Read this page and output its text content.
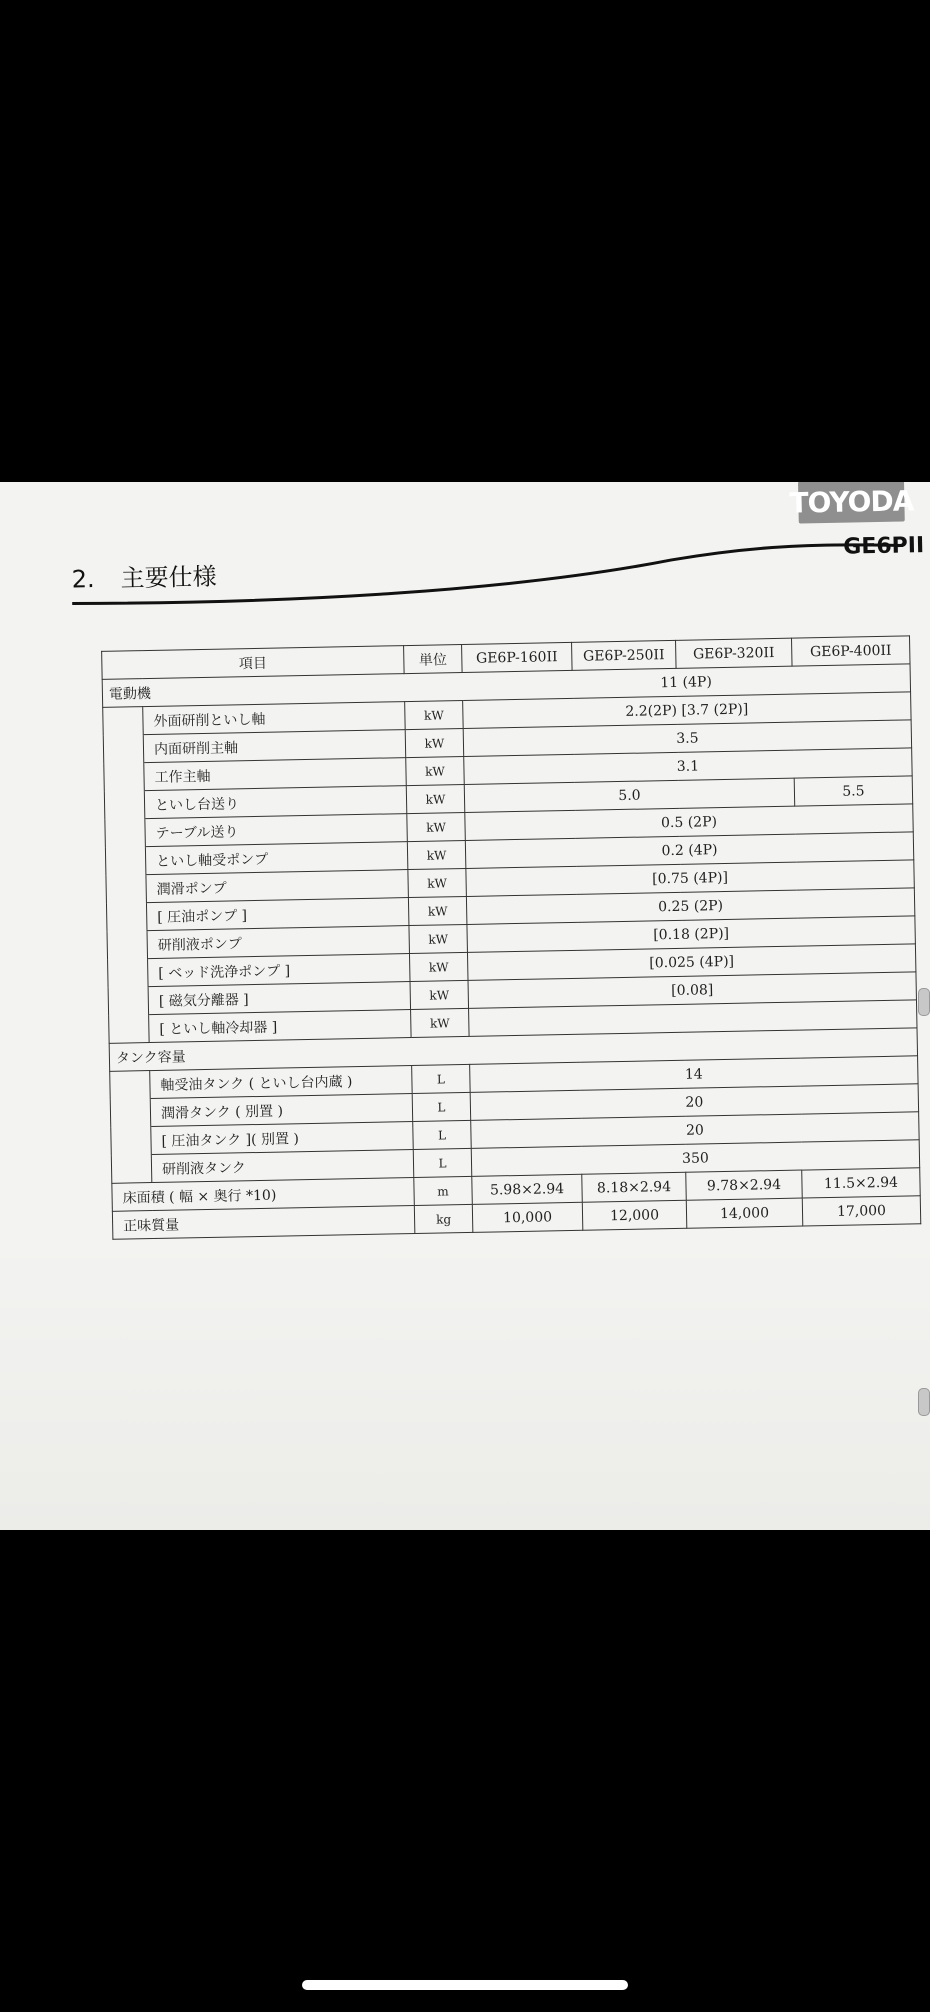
TOYODA
GE6PII
2. 主要仕様
項目		単位	GE6P-160II	GE6P-250II	GE6P-320II	GE6P-400II
電動機			11 (4P)			
	外面研削といし軸	kW	2.2(2P) [3.7 (2P)]			
	内面研削主軸	kW	3.5			
	工作主軸	kW	3.1			
	といし台送り	kW	5.0			5.5
	テーブル送り	kW	0.5 (2P)			
	といし軸受ポンプ	kW	0.2 (4P)			
	潤滑ポンプ	kW	[0.75 (4P)]			
	[ 圧油ポンプ ]	kW	0.25 (2P)			
	研削液ポンプ	kW	[0.18 (2P)]			
	[ ベッド洗浄ポンプ ]	kW	[0.025 (4P)]			
	[ 磁気分離器 ]	kW	[0.08]			
	[ といし軸冷却器 ]	kW				
タンク容量						
	軸受油タンク ( といし台内蔵 )	L	14			
	潤滑タンク ( 別置 )	L	20			
	[ 圧油タンク ]( 別置 )	L	20			
	研削液タンク	L	350			
床面積 ( 幅 × 奥行 *10)		m	5.98×2.94	8.18×2.94	9.78×2.94	11.5×2.94
正味質量		kg	10,000	12,000	14,000	17,000
